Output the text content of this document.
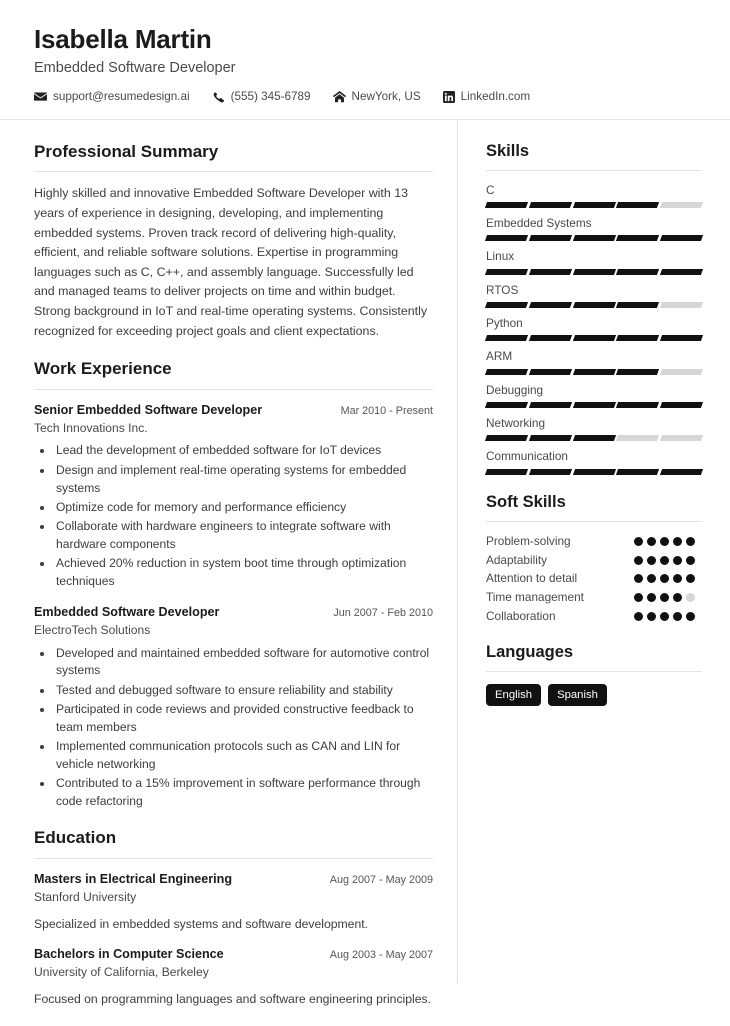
Isabella Martin
Embedded Software Developer
support@resumedesign.ai	(555) 345-6789	NewYork, US	LinkedIn.com
Professional Summary

Highly skilled and innovative Embedded Software Developer with 13 years of experience in designing, developing, and implementing embedded systems. Proven track record of delivering high-quality, efficient, and reliable software solutions. Expertise in programming languages such as C, C++, and assembly language. Successfully led and managed teams to deliver projects on time and within budget. Strong background in IoT and real-time operating systems. Consistently recognized for exceeding project goals and client expectations.

Work Experience
Senior Embedded Software Developer	Mar 2010 - Present
Tech Innovations Inc.
• Lead the development of embedded software for IoT devices
• Design and implement real-time operating systems for embedded systems
• Optimize code for memory and performance efficiency
• Collaborate with hardware engineers to integrate software with hardware components
• Achieved 20% reduction in system boot time through optimization techniques
Embedded Software Developer	Jun 2007 - Feb 2010
ElectroTech Solutions
• Developed and maintained embedded software for automotive control systems
• Tested and debugged software to ensure reliability and stability
• Participated in code reviews and provided constructive feedback to team members
• Implemented communication protocols such as CAN and LIN for vehicle networking
• Contributed to a 15% improvement in software performance through code refactoring
Education
Masters in Electrical Engineering	Aug 2007 - May 2009
Stanford University
Specialized in embedded systems and software development.
Bachelors in Computer Science	Aug 2003 - May 2007
University of California, Berkeley
Focused on programming languages and software engineering principles.
Skills
C
Embedded Systems
Linux
RTOS
Python
ARM
Debugging
Networking
Communication
Soft Skills
Problem-solving
Adaptability
Attention to detail
Time management
Collaboration
Languages
English	Spanish
